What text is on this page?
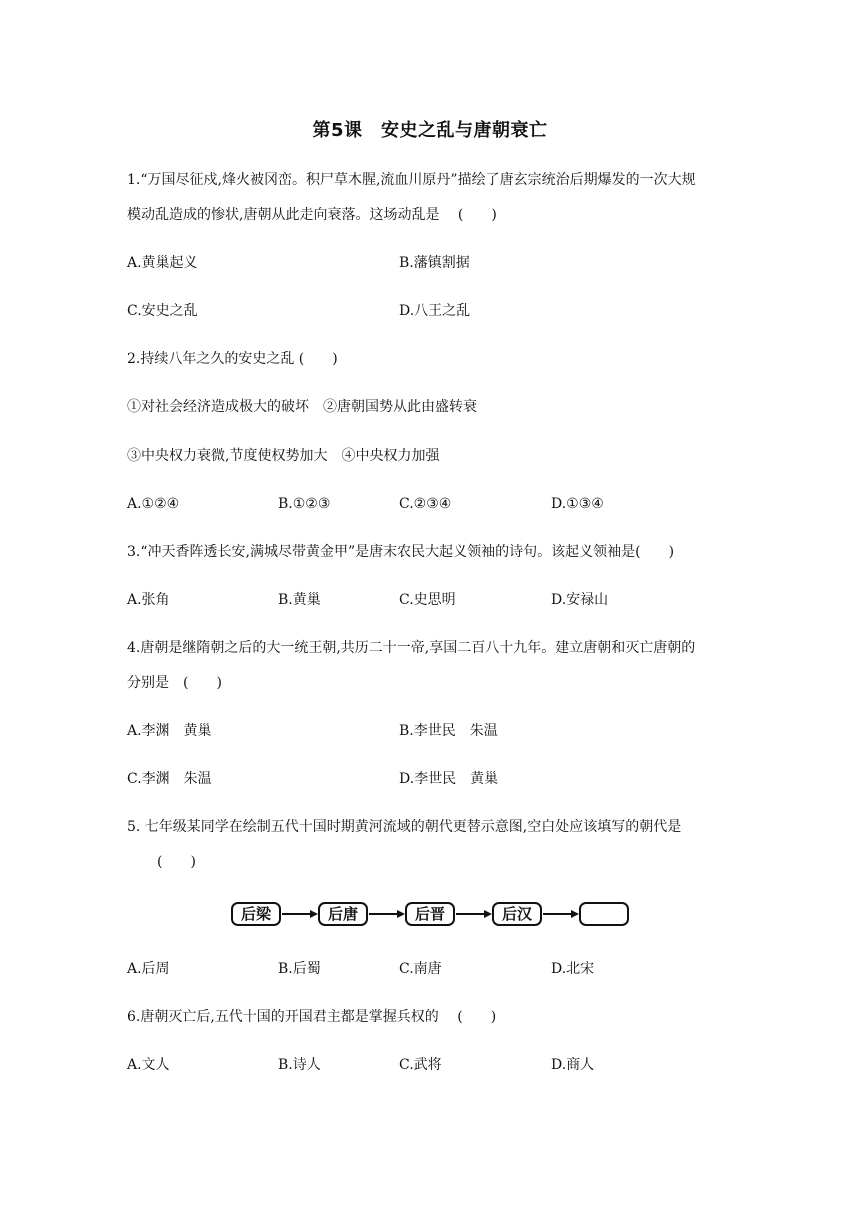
第5课　安史之乱与唐朝衰亡
1.“万国尽征戍,烽火被冈峦。积尸草木腥,流血川原丹”描绘了唐玄宗统治后期爆发的一次大规
模动乱造成的惨状,唐朝从此走向衰落。这场动乱是　 (　　)
A.黄巢起义	B.藩镇割据
C.安史之乱	D.八王之乱
2.持续八年之久的安史之乱 (　　)
①对社会经济造成极大的破坏　②唐朝国势从此由盛转衰
③中央权力衰微,节度使权势加大　④中央权力加强
A.①②④	B.①②③	C.②③④	D.①③④
3.“冲天香阵透长安,满城尽带黄金甲”是唐末农民大起义领袖的诗句。该起义领袖是(　　)
A.张角	B.黄巢	C.史思明	D.安禄山
4.唐朝是继隋朝之后的大一统王朝,共历二十一帝,享国二百八十九年。建立唐朝和灭亡唐朝的
分别是　(　　)
A.李渊　黄巢	B.李世民　朱温
C.李渊　朱温	D.李世民　黄巢
5. 七年级某同学在绘制五代十国时期黄河流域的朝代更替示意图,空白处应该填写的朝代是
(　　)
后梁	后唐	后晋	后汉
A.后周	B.后蜀	C.南唐	D.北宋
6.唐朝灭亡后,五代十国的开国君主都是掌握兵权的　 (　　)
A.文人	B.诗人	C.武将	D.商人
